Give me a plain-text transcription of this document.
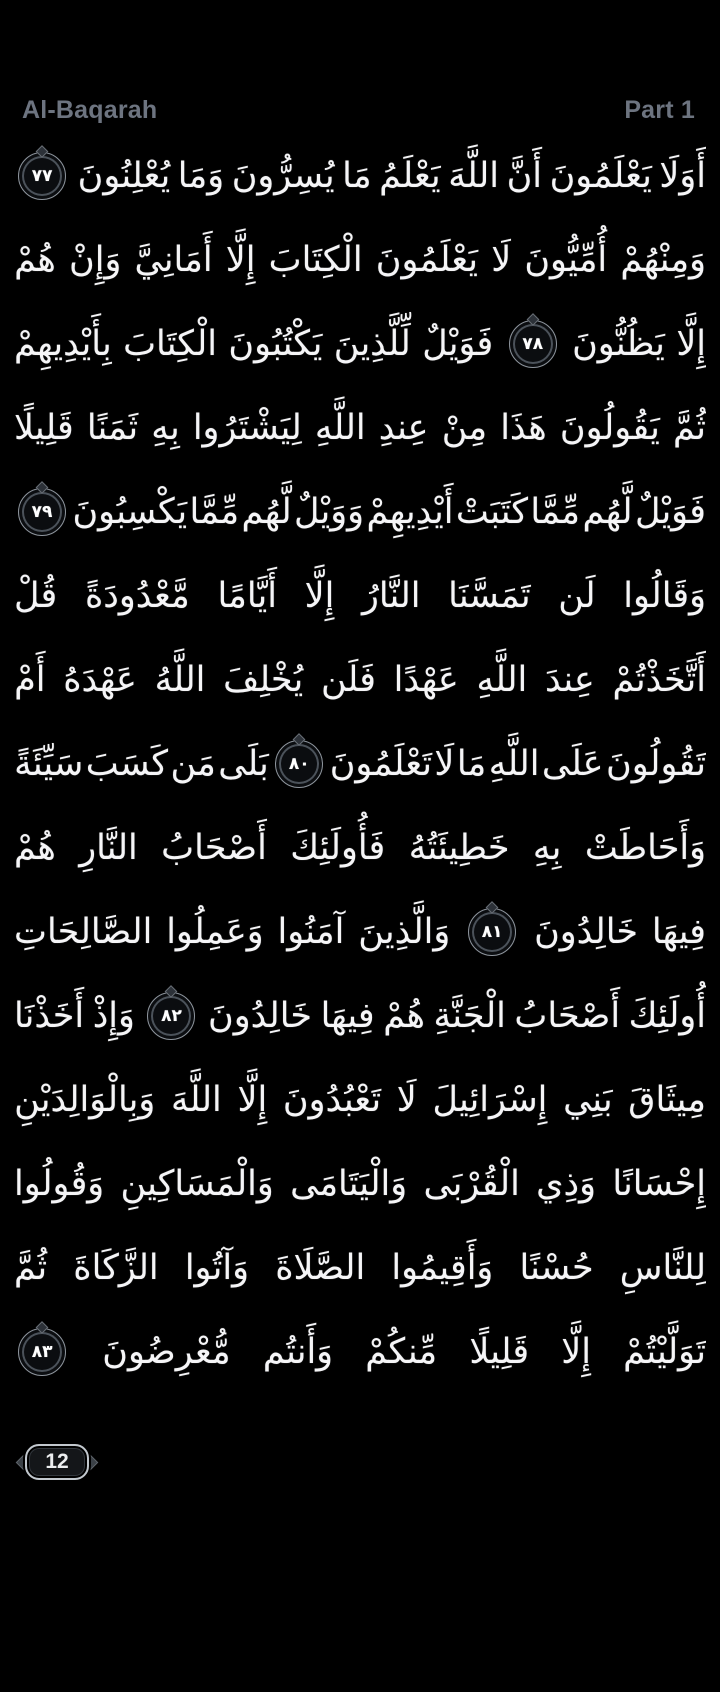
Al-Baqarah	Part 1
أَوَلَا
يَعْلَمُونَ
أَنَّ
اللَّهَ
يَعْلَمُ
مَا
يُسِرُّونَ
وَمَا
يُعْلِنُونَ
٧٧
وَمِنْهُمْ
أُمِّيُّونَ
لَا
يَعْلَمُونَ
الْكِتَابَ
إِلَّا
أَمَانِيَّ
وَإِنْ
هُمْ
إِلَّا
يَظُنُّونَ
٧٨
فَوَيْلٌ
لِّلَّذِينَ
يَكْتُبُونَ
الْكِتَابَ
بِأَيْدِيهِمْ
ثُمَّ
يَقُولُونَ
هَذَا
مِنْ
عِندِ
اللَّهِ
لِيَشْتَرُوا
بِهِ
ثَمَنًا
قَلِيلًا
فَوَيْلٌ
لَّهُم
مِّمَّا
كَتَبَتْ
أَيْدِيهِمْ
وَوَيْلٌ
لَّهُم
مِّمَّا
يَكْسِبُونَ
٧٩
وَقَالُوا
لَن
تَمَسَّنَا
النَّارُ
إِلَّا
أَيَّامًا
مَّعْدُودَةً
قُلْ
أَتَّخَذْتُمْ
عِندَ
اللَّهِ
عَهْدًا
فَلَن
يُخْلِفَ
اللَّهُ
عَهْدَهُ
أَمْ
تَقُولُونَ
عَلَى
اللَّهِ
مَا
لَا
تَعْلَمُونَ
٨٠
بَلَى
مَن
كَسَبَ
سَيِّئَةً
وَأَحَاطَتْ
بِهِ
خَطِيئَتُهُ
فَأُولَئِكَ
أَصْحَابُ
النَّارِ
هُمْ
فِيهَا
خَالِدُونَ
٨١
وَالَّذِينَ
آمَنُوا
وَعَمِلُوا
الصَّالِحَاتِ
أُولَئِكَ
أَصْحَابُ
الْجَنَّةِ
هُمْ
فِيهَا
خَالِدُونَ
٨٢
وَإِذْ
أَخَذْنَا
مِيثَاقَ
بَنِي
إِسْرَائِيلَ
لَا
تَعْبُدُونَ
إِلَّا
اللَّهَ
وَبِالْوَالِدَيْنِ
إِحْسَانًا
وَذِي
الْقُرْبَى
وَالْيَتَامَى
وَالْمَسَاكِينِ
وَقُولُوا
لِلنَّاسِ
حُسْنًا
وَأَقِيمُوا
الصَّلَاةَ
وَآتُوا
الزَّكَاةَ
ثُمَّ
تَوَلَّيْتُمْ
إِلَّا
قَلِيلًا
مِّنكُمْ
وَأَنتُم
مُّعْرِضُونَ
٨٣
12
